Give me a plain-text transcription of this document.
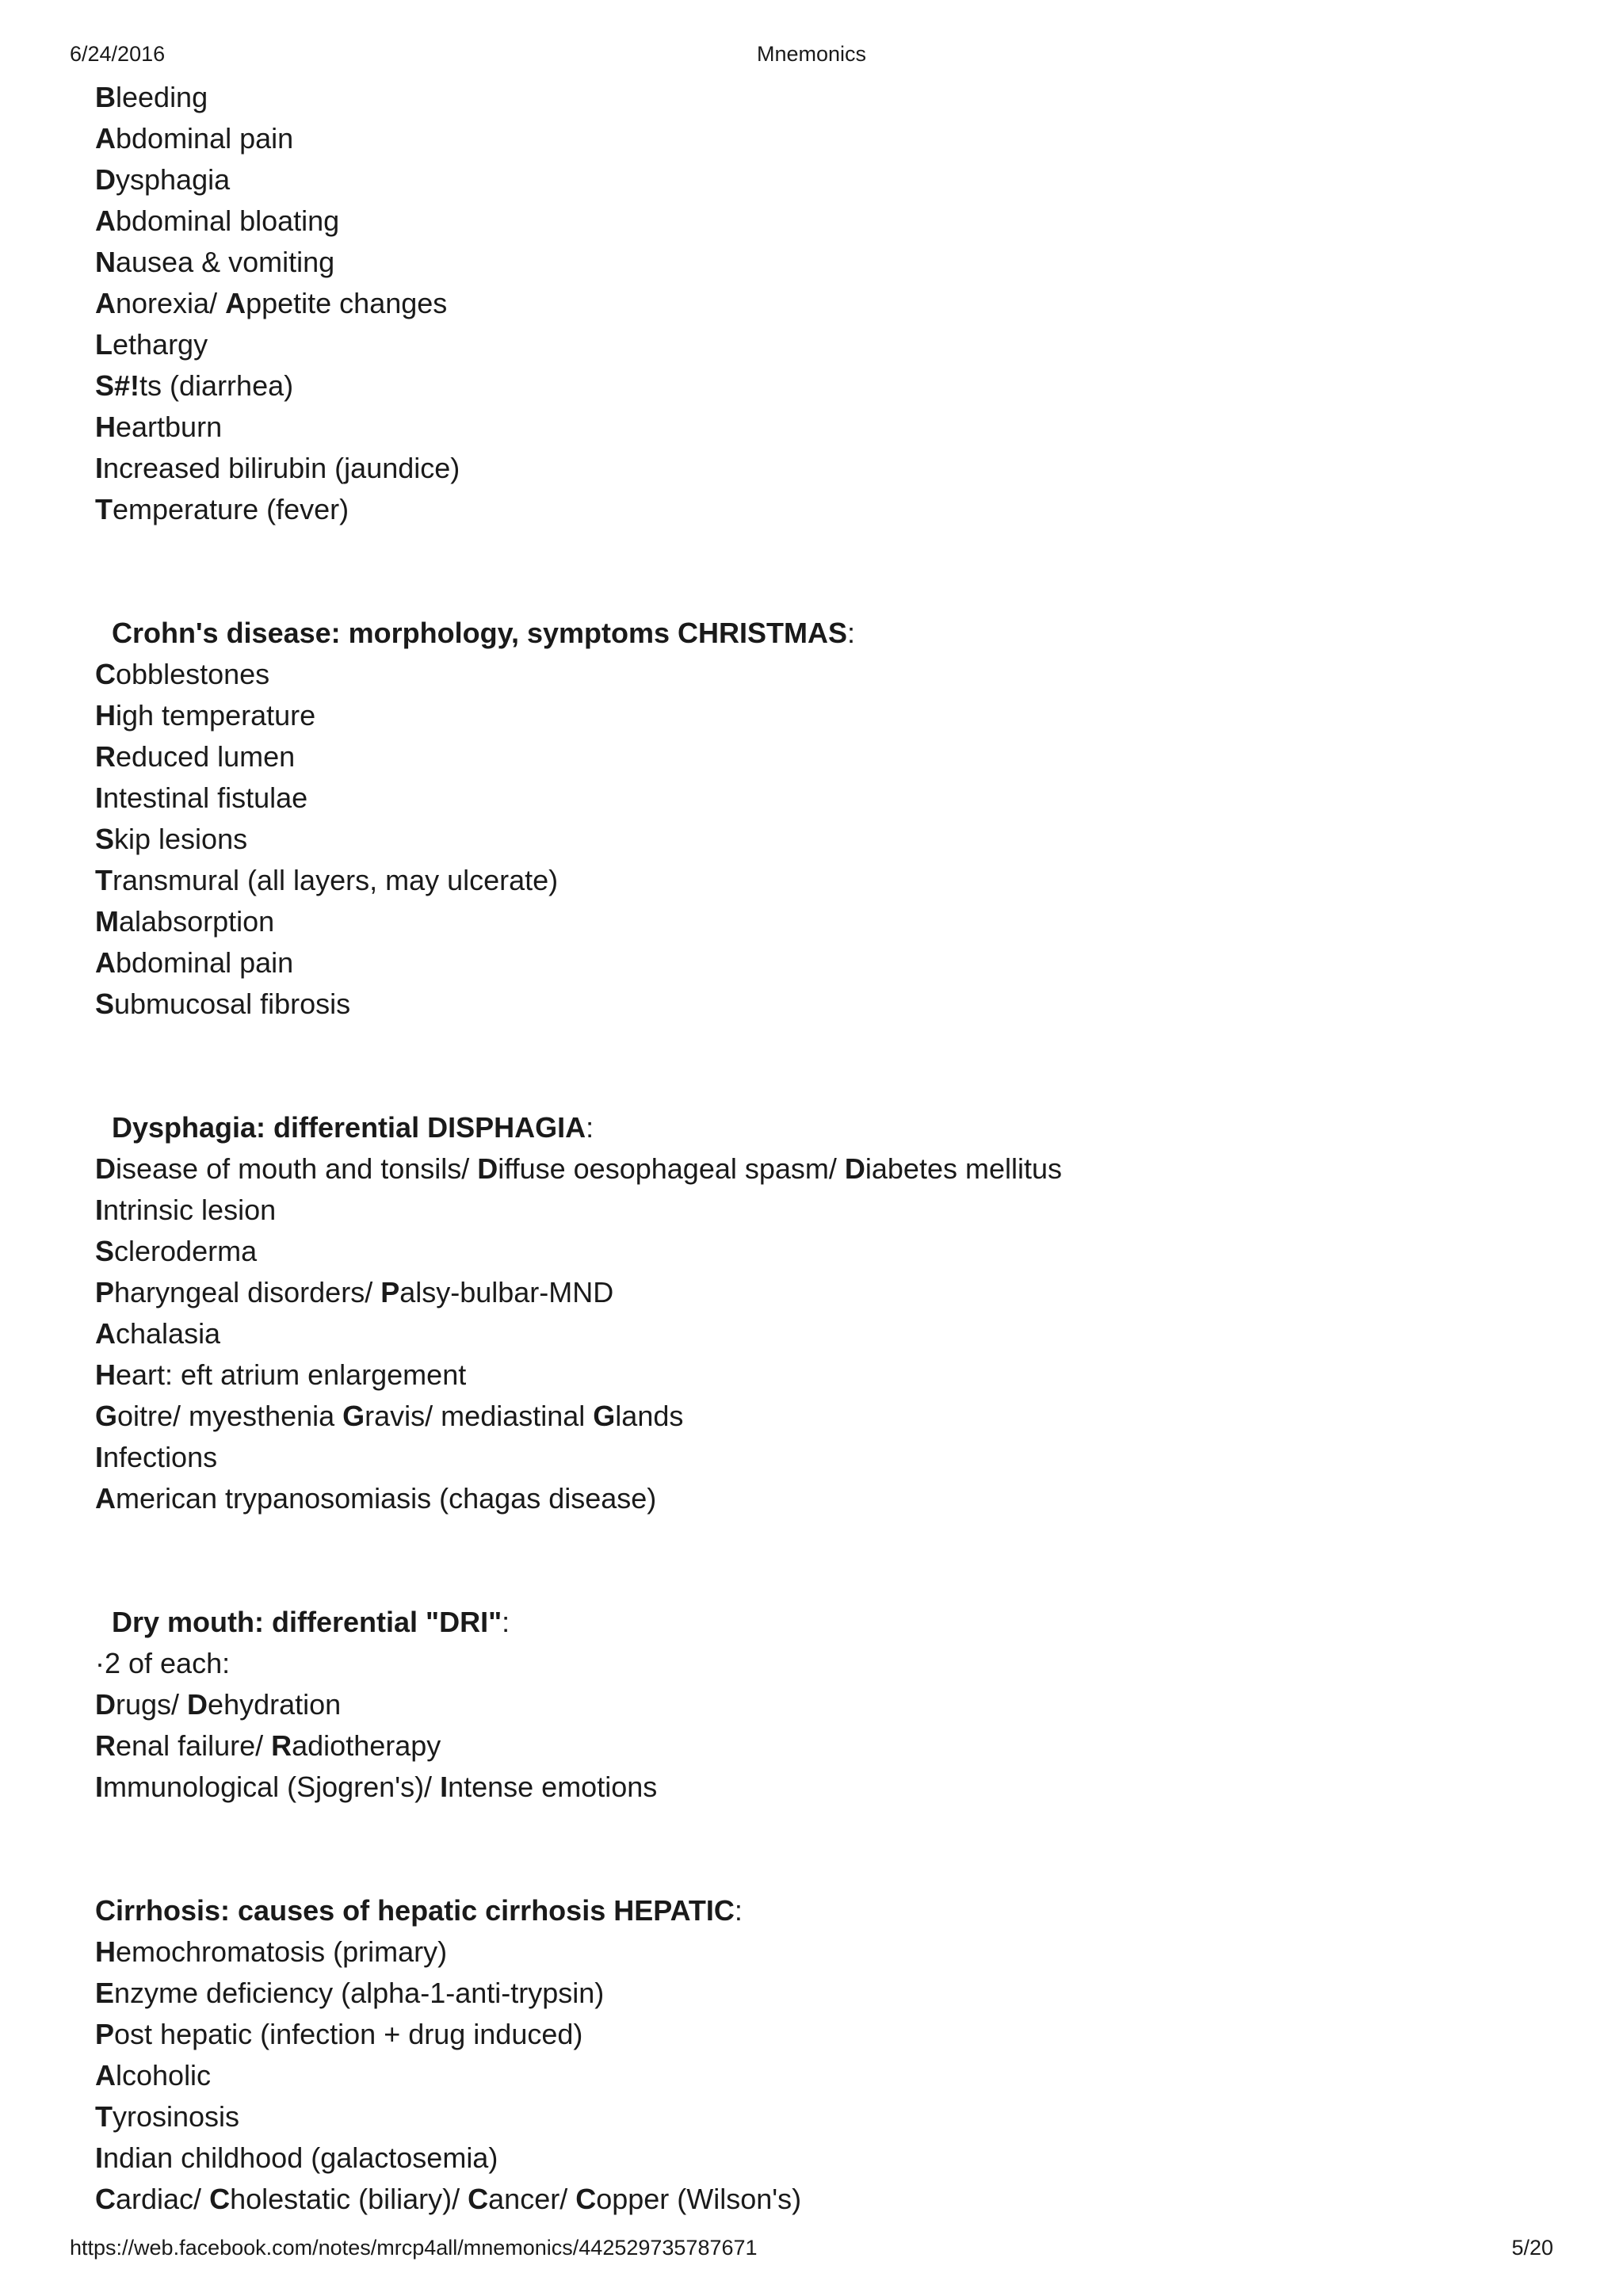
6/24/2016	Mnemonics
Bleeding
Abdominal pain
Dysphagia
Abdominal bloating
Nausea & vomiting
Anorexia/ Appetite changes
Lethargy
S#!ts (diarrhea)
Heartburn
Increased bilirubin (jaundice)
Temperature (fever)
Crohn's disease: morphology, symptoms CHRISTMAS:
Cobblestones
High temperature
Reduced lumen
Intestinal fistulae
Skip lesions
Transmural (all layers, may ulcerate)
Malabsorption
Abdominal pain
Submucosal fibrosis
Dysphagia: differential DISPHAGIA:
Disease of mouth and tonsils/ Diffuse oesophageal spasm/ Diabetes mellitus
Intrinsic lesion
Scleroderma
Pharyngeal disorders/ Palsy-bulbar-MND
Achalasia
Heart: eft atrium enlargement
Goitre/ myesthenia Gravis/ mediastinal Glands
Infections
American trypanosomiasis (chagas disease)
Dry mouth: differential "DRI":
·2 of each:
Drugs/ Dehydration
Renal failure/ Radiotherapy
Immunological (Sjogren's)/ Intense emotions
Cirrhosis: causes of hepatic cirrhosis HEPATIC:
Hemochromatosis (primary)
Enzyme deficiency (alpha-1-anti-trypsin)
Post hepatic (infection + drug induced)
Alcoholic
Tyrosinosis
Indian childhood (galactosemia)
Cardiac/ Cholestatic (biliary)/ Cancer/ Copper (Wilson's)
https://web.facebook.com/notes/mrcp4all/mnemonics/442529735787671	5/20
